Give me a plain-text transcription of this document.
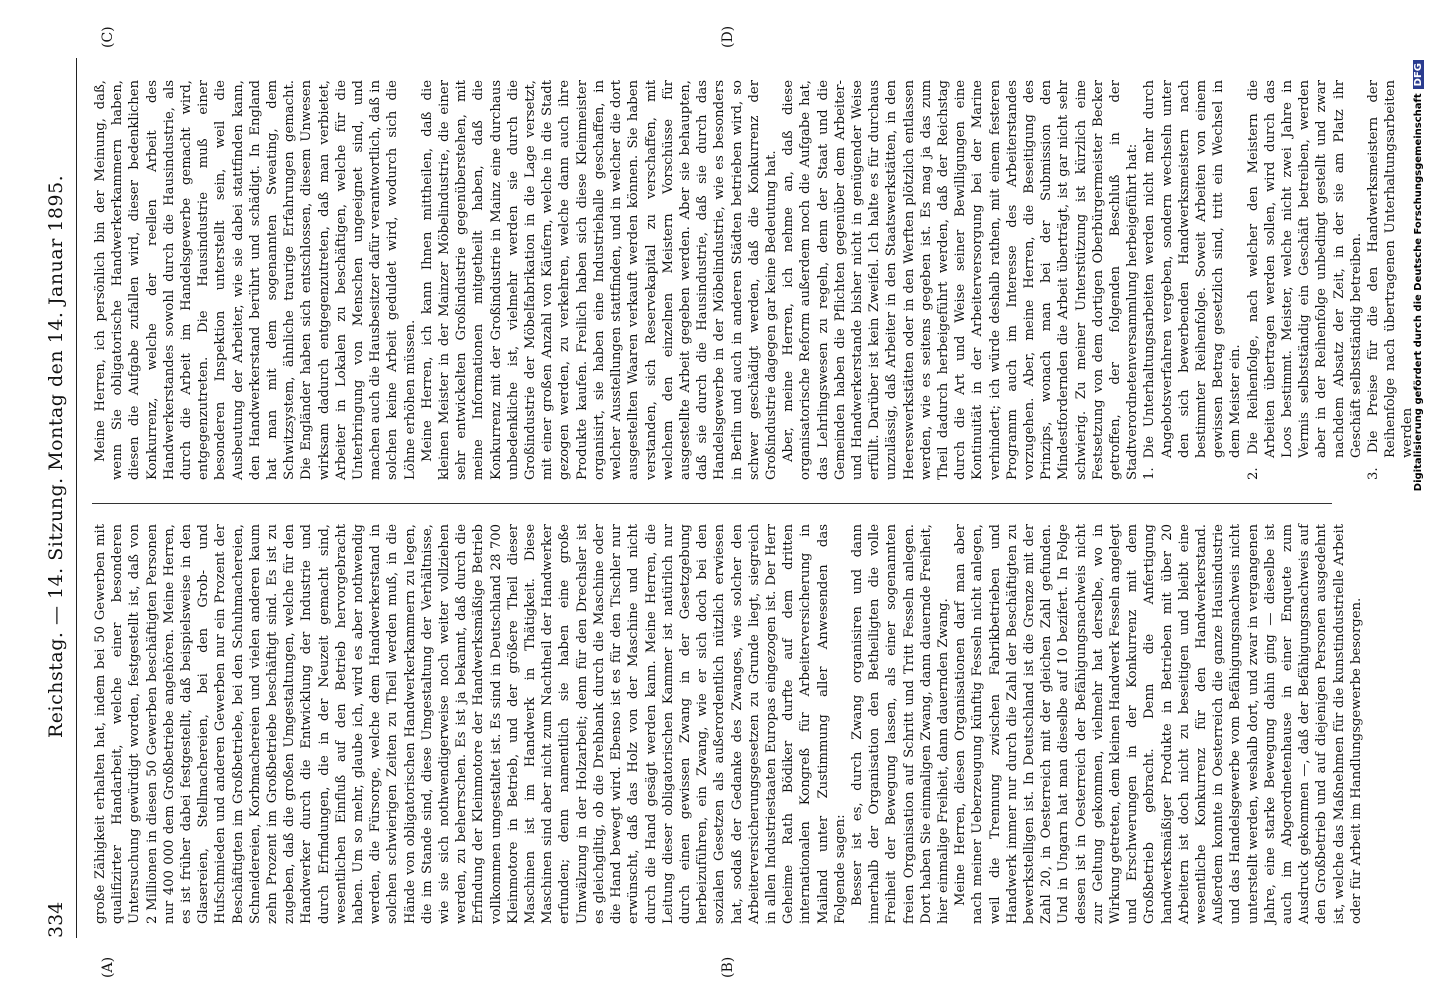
334
Reichstag. — 14. Sitzung. Montag den 14. Januar 1895.
(A)	(B)
(C)	(D)

große Zähigkeit erhalten hat, indem bei 50 Gewerben mit qualifizirter Handarbeit, welche einer besonderen Untersuchung gewürdigt worden, festgestellt ist, daß von 2 Millionen in diesen 50 Gewerben beschäftigten Personen nur 400 000 dem Großbetriebe angehören. Meine Herren, es ist früher dabei festgestellt, daß beispielsweise in den Glasereien, Stellmachereien, bei den Grob- und Hufschmieden und anderen Gewerben nur ein Prozent der Beschäftigten im Großbetriebe, bei den Schuhmachereien, Schneidereien, Korbmachereien und vielen anderen kaum zehn Prozent im Großbetriebe beschäftigt sind. Es ist zu zugeben, daß die großen Umgestaltungen, welche für den Handwerker durch die Entwicklung der Industrie und durch Erfindungen, die in der Neuzeit gemacht sind, wesentlichen Einfluß auf den Betrieb hervorgebracht haben. Um so mehr, glaube ich, wird es aber nothwendig werden, die Fürsorge, welche dem Handwerkerstand in solchen schwierigen Zeiten zu Theil werden muß, in die Hände von obligatorischen Handwerkerkammern zu legen, die im Stande sind, diese Umgestaltung der Verhältnisse, wie sie sich nothwendigerweise noch weiter vollziehen werden, zu beherrschen. Es ist ja bekannt, daß durch die Erfindung der Kleinmotore der Handwerksmäßige Betrieb vollkommen umgestaltet ist. Es sind in Deutschland 28 700 Kleinmotore in Betrieb, und der größere Theil dieser Maschinen ist im Handwerk in Thätigkeit. Diese Maschinen sind aber nicht zum Nachtheil der Handwerker erfunden; denn namentlich sie haben eine große Umwälzung in der Holzarbeit; denn für den Drechsler ist es gleichgiltig, ob die Drehbank durch die Maschine oder die Hand bewegt wird. Ebenso ist es für den Tischler nur erwünscht, daß das Holz von der Maschine und nicht durch die Hand gesägt werden kann. Meine Herren, die Leitung dieser obligatorischen Kammer ist natürlich nur durch einen gewissen Zwang in der Gesetzgebung herbeizuführen, ein Zwang, wie er sich doch bei den sozialen Gesetzen als außerordentlich nützlich erwiesen hat, sodaß der Gedanke des Zwanges, wie solcher den Arbeiterversicherungsgesetzen zu Grunde liegt, siegreich in allen Industriestaaten Europas eingezogen ist. Der Herr Geheime Rath Bödiker durfte auf dem dritten internationalen Kongreß für Arbeiterversicherung in Mailand unter Zustimmung aller Anwesenden das Folgende sagen: Besser ist es, durch Zwang organisiren und dann innerhalb der Organisation den Betheiligten die volle Freiheit der Bewegung lassen, als einer sogenannten freien Organisation auf Schritt und Tritt Fesseln anlegen. Dort haben Sie einmaligen Zwang, dann dauernde Freiheit, hier einmalige Freiheit, dann dauernden Zwang. Meine Herren, diesen Organisationen darf man aber nach meiner Ueberzeugung künftig Fesseln nicht anlegen, weil die Trennung zwischen Fabrikbetrieben und Handwerk immer nur durch die Zahl der Beschäftigten zu bewerkstelligen ist. In Deutschland ist die Grenze mit der Zahl 20, in Oesterreich mit der gleichen Zahl gefunden. Und in Ungarn hat man dieselbe auf 10 bezifert. In Folge dessen ist in Oesterreich der Befähigungsnachweis nicht zur Geltung gekommen, vielmehr hat derselbe, wo in Wirkung getreten, dem kleinen Handwerk Fesseln angelegt und Erschwerungen in der Konkurrenz mit dem Großbetrieb gebracht. Denn die Anfertigung handwerksmäßiger Produkte in Betrieben mit über 20 Arbeitern ist doch nicht zu beseitigen und bleibt eine wesentliche Konkurrenz für den Handwerkerstand. Außerdem konnte in Oesterreich die ganze Hausindustrie und das Handelsgewerbe vom Befähigungsnachweis nicht unterstellt werden, weshalb dort, und zwar in vergangenen Jahre, eine starke Bewegung dahin ging — dieselbe ist auch im Abgeordnetenhause in einer Enquete zum Ausdruck gekommen —, daß der Befähigungsnachweis auf den Großbetrieb und auf diejenigen Personen ausgedehnt ist, welche das Maßnehmen für die kunstindustrielle Arbeit oder für Arbeit im Handlungsgewerbe besorgen.

Meine Herren, ich persönlich bin der Meinung, daß, wenn Sie obligatorische Handwerkerkammern haben, diesen die Aufgabe zufallen wird, dieser bedenklichen Konkurrenz, welche der reellen Arbeit des Handwerkerstandes sowohl durch die Hausindustrie, als durch die Arbeit im Handelsgewerbe gemacht wird, entgegenzutreten. Die Hausindustrie muß einer besonderen Inspektion unterstellt sein, weil die Ausbeutung der Arbeiter, wie sie dabei stattfinden kann, den Handwerkerstand berührt und schädigt. In England hat man mit dem sogenannten Sweating, dem Schwitzsystem, ähnliche traurige Erfahrungen gemacht. Die Engländer haben sich entschlossen, diesem Unwesen wirksam dadurch entgegenzutreten, daß man verbietet, Arbeiter in Lokalen zu beschäftigen, welche für die Unterbringung von Menschen ungeeignet sind, und machen auch die Hausbesitzer dafür verantwortlich, daß in solchen keine Arbeit geduldet wird, wodurch sich die Löhne erhöhen müssen. Meine Herren, ich kann Ihnen mittheilen, daß die kleinen Meister in der Mainzer Möbelindustrie, die einer sehr entwickelten Großindustrie gegenüberstehen, mit meine Informationen mitgetheilt haben, daß die Konkurrenz mit der Großindustrie in Mainz eine durchaus unbedenkliche ist, vielmehr werden sie durch die Großindustrie der Möbelfabrikation in die Lage versetzt, mit einer großen Anzahl von Käufern, welche in die Stadt gezogen werden, zu verkehren, welche dann auch ihre Produkte kaufen. Freilich haben sich diese Kleinmeister organisirt, sie haben eine Industriehalle geschaffen, in welcher Ausstellungen stattfinden, und in welcher die dort ausgestellten Waaren verkauft werden können. Sie haben verstanden, sich Reservekapital zu verschaffen, mit welchem den einzelnen Meistern Vorschüsse für ausgestellte Arbeit gegeben werden. Aber sie behaupten, daß sie durch die Hausindustrie, daß sie durch das Handelsgewerbe in der Möbelindustrie, wie es besonders in Berlin und auch in anderen Städten betrieben wird, so schwer geschädigt werden, daß die Konkurrenz der Großindustrie dagegen gar keine Bedeutung hat. Aber, meine Herren, ich nehme an, daß diese organisatorische Reform außerdem noch die Aufgabe hat, das Lehrlingswesen zu regeln, denn der Staat und die Gemeinden haben die Pflichten gegenüber dem Arbeiter- und Handwerkerstande bisher nicht in genügender Weise erfüllt. Darüber ist kein Zweifel. Ich halte es für durchaus unzulässig, daß Arbeiter in den Staatswerkstätten, in den Heereswerkstätten oder in den Werften plötzlich entlassen werden, wie es seitens gegeben ist. Es mag ja das zum Theil dadurch herbeigeführt werden, daß der Reichstag durch die Art und Weise seiner Bewilligungen eine Kontinuität in der Arbeiterversorgung bei der Marine verhindert; ich würde deshalb rathen, mit einem festeren Programm auch im Interesse des Arbeiterstandes vorzugehen. Aber, meine Herren, die Beseitigung des Prinzips, wonach man bei der Submission den Mindestfordernden die Arbeit überträgt, ist gar nicht sehr schwierig. Zu meiner Unterstützung ist kürzlich eine Festsetzung von dem dortigen Oberbürgermeister Becker getroffen, der folgenden Beschluß in der Stadtverordnetenversammlung herbeigeführt hat: 1. Die Unterhaltungsarbeiten werden nicht mehr durch Angebotsverfahren vergeben, sondern wechseln unter den sich bewerbenden Handwerksmeistern nach bestimmter Reihenfolge. Soweit Arbeiten von einem gewissen Betrag gesetzlich sind, tritt ein Wechsel in dem Meister ein. 2. Die Reihenfolge, nach welcher den Meistern die Arbeiten übertragen werden sollen, wird durch das Loos bestimmt. Meister, welche nicht zwei Jahre in Vermis selbstständig ein Geschäft betreiben, werden aber in der Reihenfolge unbedingt gestellt und zwar nachdem Absatz der Zeit, in der sie am Platz ihr Geschäft selbstständig betreiben. 3. Die Preise für die den Handwerksmeistern der Reihenfolge nach übertragenen Unterhaltungsarbeiten werden

Digitalisierung gefördert durch die Deutsche ForschungsgemeinschaftDFG
